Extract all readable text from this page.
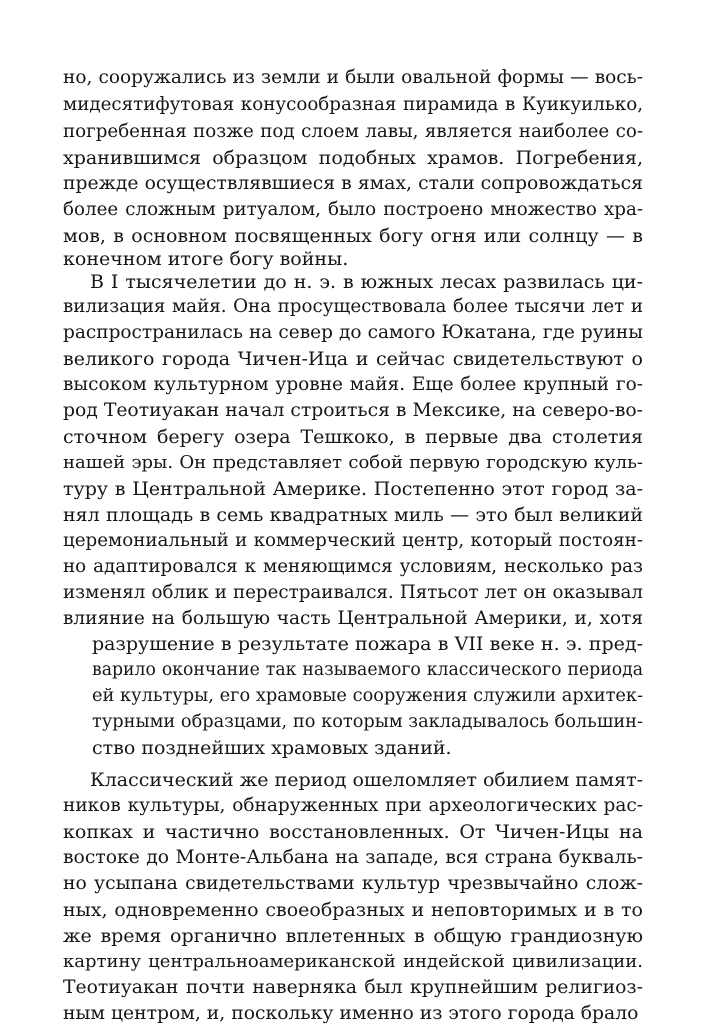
но, сооружались из земли и были овальной формы — вось-
мидесятифутовая конусообразная пирамида в Куикуилько,
погребенная позже под слоем лавы, является наиболее со-
хранившимся образцом подобных храмов. Погребения,
прежде осуществлявшиеся в ямах, стали сопровождаться
более сложным ритуалом, было построено множество хра-
мов, в основном посвященных богу огня или солнцу — в
конечном итоге богу войны.
В I тысячелетии до н. э. в южных лесах развилась ци-
вилизация майя. Она просуществовала более тысячи лет и
распространилась на север до самого Юкатана, где руины
великого города Чичен-Ица и сейчас свидетельствуют о
высоком культурном уровне майя. Еще более крупный го-
род Теотиуакан начал строиться в Мексике, на северо-во-
сточном берегу озера Тешкоко, в первые два столетия
нашей эры. Он представляет собой первую городскую куль-
туру в Центральной Америке. Постепенно этот город за-
нял площадь в семь квадратных миль — это был великий
церемониальный и коммерческий центр, который постоян-
но адаптировался к меняющимся условиям, несколько раз
изменял облик и перестраивался. Пятьсот лет он оказывал
влияние на большую часть Центральной Америки, и, хотя
разрушение в результате пожара в VII веке н. э. пред-
варило окончание так называемого классического периода
ей культуры, его храмовые сооружения служили архитек-
турными образцами, по которым закладывалось большин-
ство позднейших храмовых зданий.
Классический же период ошеломляет обилием памят-
ников культуры, обнаруженных при археологических рас-
копках и частично восстановленных. От Чичен-Ицы на
востоке до Монте-Альбана на западе, вся страна букваль-
но усыпана свидетельствами культур чрезвычайно слож-
ных, одновременно своеобразных и неповторимых и в то
же время органично вплетенных в общую грандиозную
картину центральноамериканской индейской цивилизации.
Теотиуакан почти наверняка был крупнейшим религиоз-
ным центром, и, поскольку именно из этого города брало
